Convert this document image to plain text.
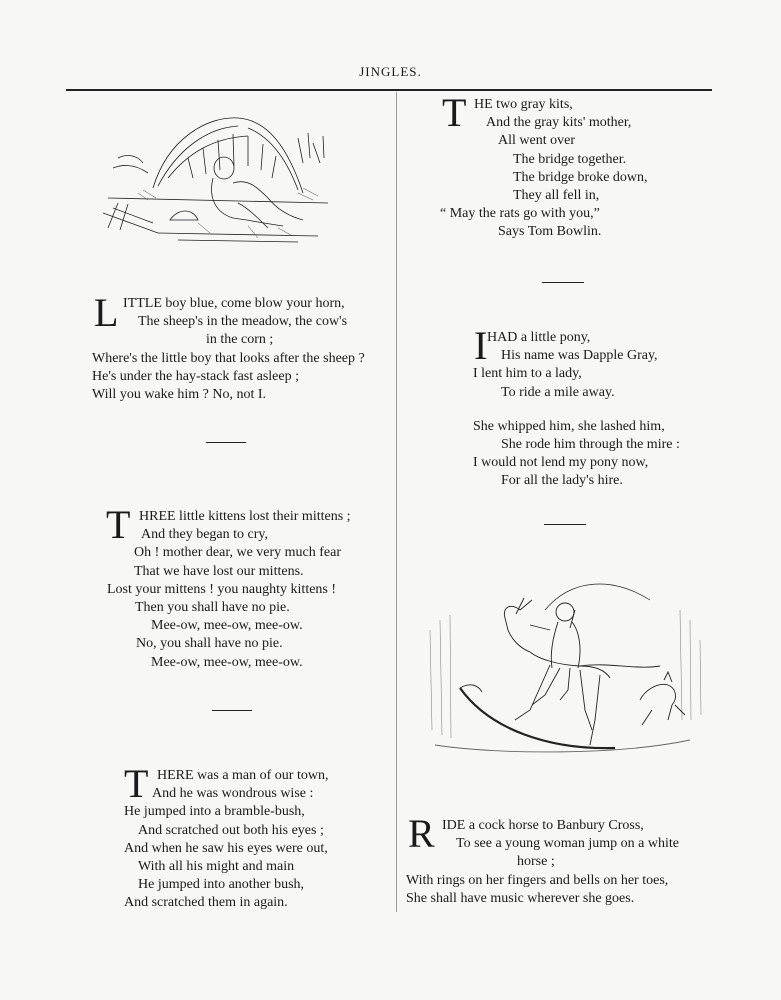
JINGLES.
L ITTLE boy blue, come blow your horn,
The sheep's in the meadow, the cow's
in the corn ;
Where's the little boy that looks after the sheep ?
He's under the hay-stack fast asleep ;
Will you wake him ? No, not I.
T HREE little kittens lost their mittens ;
And they began to cry,
Oh ! mother dear, we very much fear
That we have lost our mittens.
Lost your mittens ! you naughty kittens !
Then you shall have no pie.
Mee-ow, mee-ow, mee-ow.
No, you shall have no pie.
Mee-ow, mee-ow, mee-ow.
T HERE was a man of our town,
And he was wondrous wise :
He jumped into a bramble-bush,
And scratched out both his eyes ;
And when he saw his eyes were out,
With all his might and main
He jumped into another bush,
And scratched them in again.
T HE two gray kits,
And the gray kits' mother,
All went over
The bridge together.
The bridge broke down,
They all fell in,
“ May the rats go with you,”
Says Tom Bowlin.
I HAD a little pony,
His name was Dapple Gray,
I lent him to a lady,
To ride a mile away.
She whipped him, she lashed him,
She rode him through the mire :
I would not lend my pony now,
For all the lady's hire.
R IDE a cock horse to Banbury Cross,
To see a young woman jump on a white
horse ;
With rings on her fingers and bells on her toes,
She shall have music wherever she goes.
